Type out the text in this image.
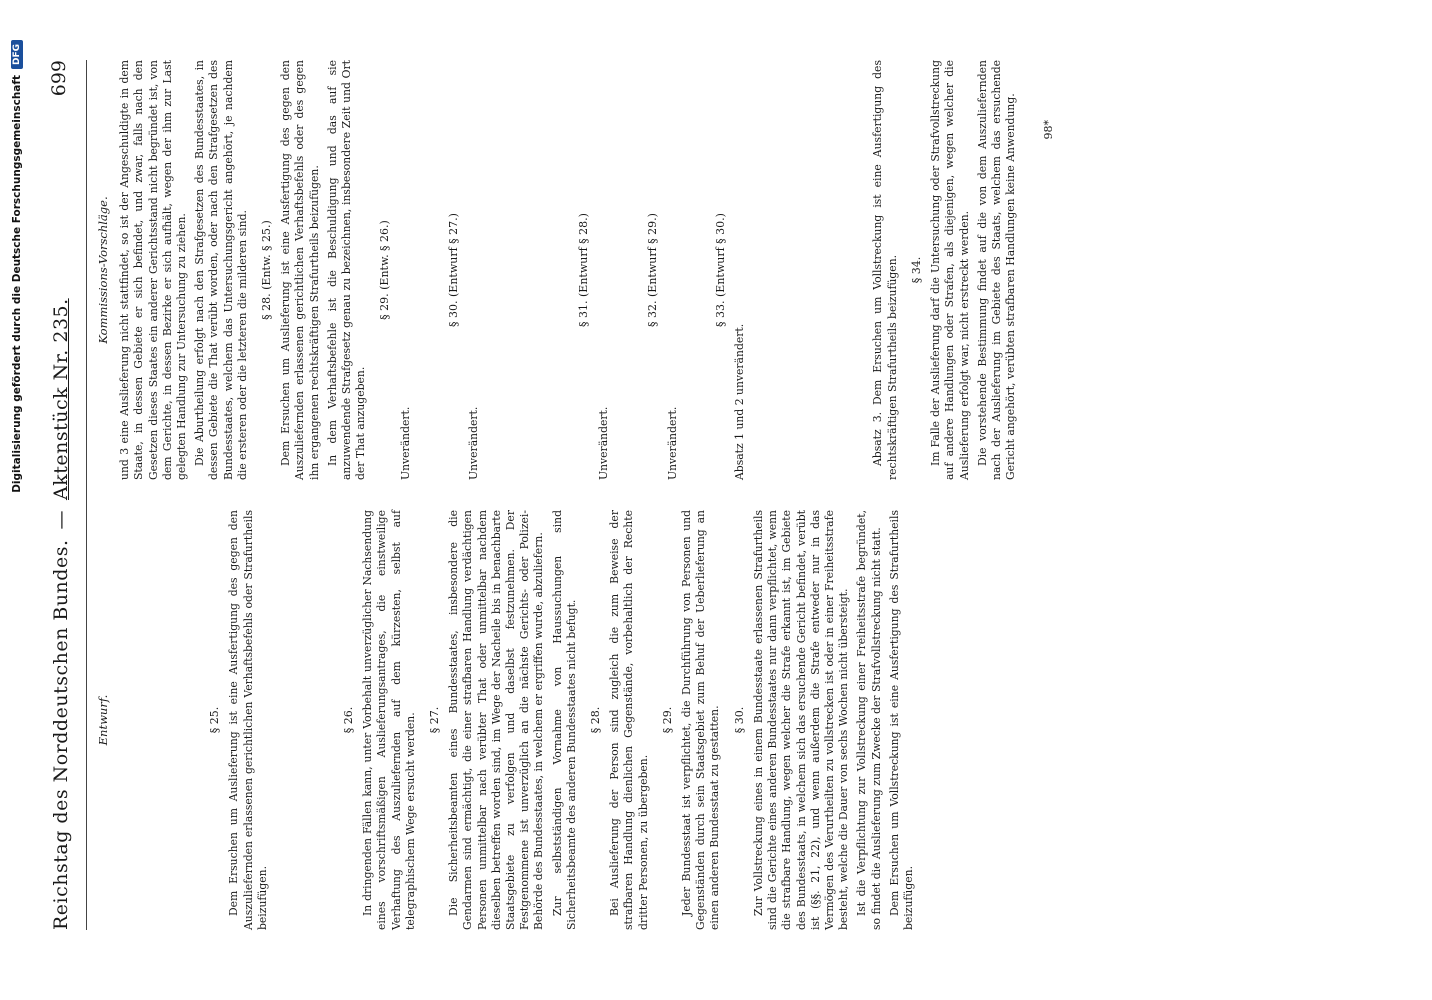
Digitalisierung gefördert durch die Deutsche Forschungsgemeinschaft
DFG
Reichstag des Norddeutschen Bundes.—Aktenstück Nr. 235.
699
Entwurf.	§ 25. Dem Ersuchen um Auslieferung ist eine Ausfertigung des gegen den Auszuliefernden erlassenen gerichtlichen Verhaftsbefehls oder Strafurtheils beizufügen.

§ 26. In dringenden Fällen kann, unter Vorbehalt unverzüglicher Nachsendung eines vorschriftsmäßigen Auslieferungsantrages, die einstweilige Verhaftung des Auszuliefernden auf dem kürzesten, selbst auf telegraphischem Wege ersucht werden. § 27. Die Sicherheitsbeamten eines Bundesstaates, insbesondere die Gendarmen sind ermächtigt, die einer strafbaren Handlung verdächtigen Personen unmittelbar nach verübter That oder unmittelbar nachdem dieselben betreffen worden sind, im Wege der Nacheile bis in benachbarte Staatsgebiete zu verfolgen und daselbst festzunehmen. Der Festgenommene ist unverzüglich an die nächste Gerichts- oder Polizei-Behörde des Bundesstaates, in welchem er ergriffen wurde, abzuliefern. Zur selbstständigen Vornahme von Haussuchungen sind Sicherheitsbeamte des anderen Bundesstaates nicht befugt. § 28. Bei Auslieferung der Person sind zugleich die zum Beweise der strafbaren Handlung dienlichen Gegenstände, vorbehaltlich der Rechte dritter Personen, zu übergeben.

§ 29. Jeder Bundesstaat ist verpflichtet, die Durchführung von Personen und Gegenständen durch sein Staatsgebiet zum Behuf der Ueberlieferung an einen anderen Bundesstaat zu gestatten. § 30. Zur Vollstreckung eines in einem Bundesstaate erlassenen Strafurtheils sind die Gerichte eines anderen Bundesstaates nur dann verpflichtet, wenn die strafbare Handlung, wegen welcher die Strafe erkannt ist, im Gebiete des Bundesstaats, in welchem sich das ersuchende Gericht befindet, verübt ist (§§. 21, 22), und wenn außerdem die Strafe entweder nur in das Vermögen des Verurtheilten zu vollstrecken ist oder in einer Freiheitsstrafe besteht, welche die Dauer von sechs Wochen nicht übersteigt. Ist die Verpflichtung zur Vollstreckung einer Freiheitsstrafe begründet, so findet die Auslieferung zum Zwecke der Strafvollstreckung nicht statt. Dem Ersuchen um Vollstreckung ist eine Ausfertigung des Strafurtheils beizufügen.

Kommissions-Vorschläge. und 3 eine Auslieferung nicht stattfindet, so ist der Angeschuldigte in dem Staate, in dessen Gebiete er sich befindet, und zwar, falls nach den Gesetzen dieses Staates ein anderer Gerichtsstand nicht begründet ist, von dem Gerichte, in dessen Bezirke er sich aufhält, wegen der ihm zur Last gelegten Handlung zur Untersuchung zu ziehen. Die Aburtheilung erfolgt nach den Strafgesetzen des Bundesstaates, in dessen Gebiete die That verübt worden, oder nach den Strafgesetzen des Bundesstaates, welchem das Untersuchungsgericht angehört, je nachdem die ersteren oder die letzteren die milderen sind. § 28. (Entw. § 25.) Dem Ersuchen um Auslieferung ist eine Ausfertigung des gegen den Auszuliefernden erlassenen gerichtlichen Verhaftsbefehls oder des gegen ihn ergangenen rechtskräftigen Strafurtheils beizufügen. In dem Verhaftsbefehle ist die Beschuldigung und das auf sie anzuwendende Strafgesetz genau zu bezeichnen, insbesondere Zeit und Ort der That anzugeben.

§ 29. (Entw. § 26.)

Unverändert.

§ 30. (Entwurf § 27.)

Unverändert.

§ 31. (Entwurf § 28.)

Unverändert.

§ 32. (Entwurf § 29.)

Unverändert.

§ 33. (Entwurf § 30.)

Absatz 1 und 2 unverändert.	Absatz 3. Dem Ersuchen um Vollstreckung ist eine Ausfertigung des rechtskräftigen Strafurtheils beizufügen. § 34. Im Falle der Auslieferung darf die Untersuchung oder Strafvollstreckung auf andere Handlungen oder Strafen, als diejenigen, wegen welcher die Auslieferung erfolgt war, nicht erstreckt werden. Die vorstehende Bestimmung findet auf die von dem Auszuliefernden nach der Auslieferung im Gebiete des Staats, welchem das ersuchende Gericht angehört, verübten strafbaren Handlungen keine Anwendung. 98*
